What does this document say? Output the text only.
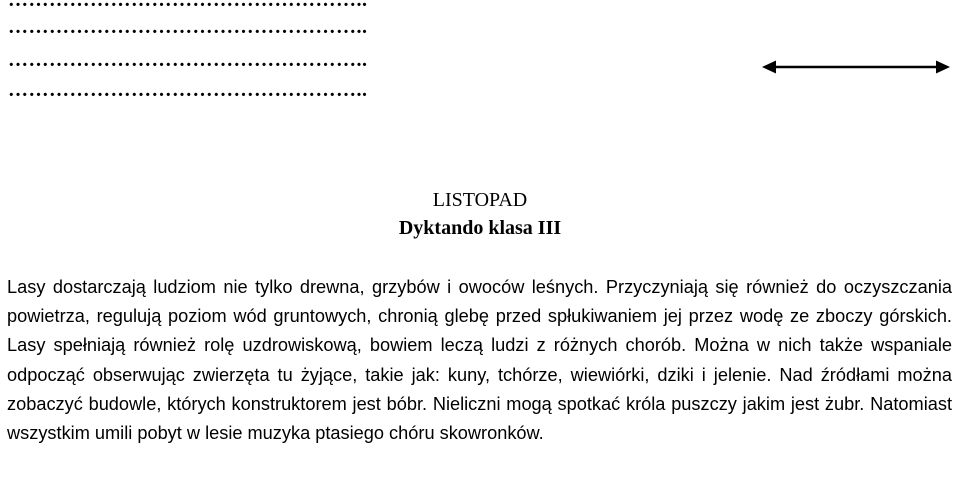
……………………………………………..
……………………………………………..
……………………………………………..
……………………………………………..
LISTOPAD
Dyktando klasa III
Lasy dostarczają ludziom nie tylko drewna, grzybów i owoców leśnych. Przyczyniają się również do oczyszczania powietrza, regulują poziom wód gruntowych, chronią glebę przed spłukiwaniem jej przez wodę ze zboczy górskich. Lasy spełniają również rolę uzdrowiskową, bowiem leczą ludzi z różnych chorób. Można w nich także wspaniale odpocząć obserwując zwierzęta tu żyjące, takie jak: kuny, tchórze, wiewiórki, dziki i jelenie. Nad źródłami można zobaczyć budowle, których konstruktorem jest bóbr. Nieliczni mogą spotkać króla puszczy jakim jest żubr. Natomiast wszystkim umili pobyt w lesie muzyka ptasiego chóru skowronków.
